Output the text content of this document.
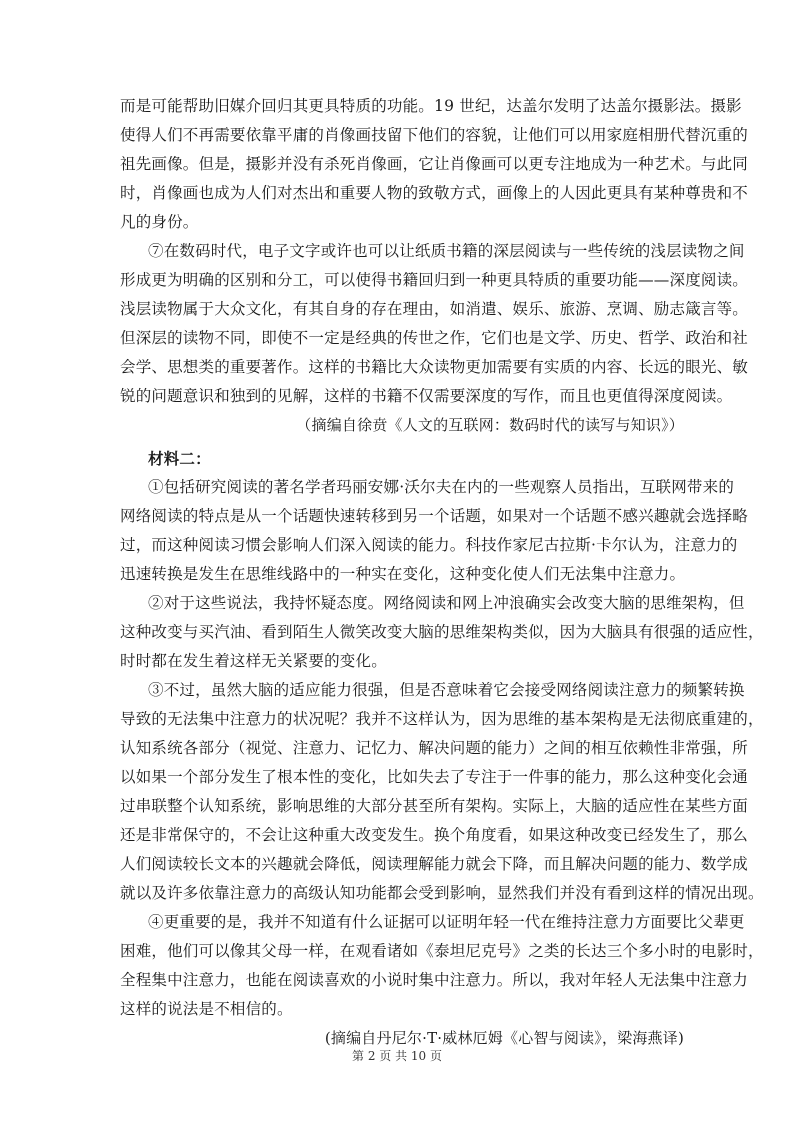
而是可能帮助旧媒介回归其更具特质的功能。19 世纪，达盖尔发明了达盖尔摄影法。摄影
使得人们不再需要依靠平庸的肖像画技留下他们的容貌，让他们可以用家庭相册代替沉重的
祖先画像。但是，摄影并没有杀死肖像画，它让肖像画可以更专注地成为一种艺术。与此同
时，肖像画也成为人们对杰出和重要人物的致敬方式，画像上的人因此更具有某种尊贵和不
凡的身份。
⑦在数码时代，电子文字或许也可以让纸质书籍的深层阅读与一些传统的浅层读物之间
形成更为明确的区别和分工，可以使得书籍回归到一种更具特质的重要功能——深度阅读。
浅层读物属于大众文化，有其自身的存在理由，如消遣、娱乐、旅游、烹调、励志箴言等。
但深层的读物不同，即使不一定是经典的传世之作，它们也是文学、历史、哲学、政治和社
会学、思想类的重要著作。这样的书籍比大众读物更加需要有实质的内容、长远的眼光、敏
锐的问题意识和独到的见解，这样的书籍不仅需要深度的写作，而且也更值得深度阅读。
（摘编自徐贲《人文的互联网：数码时代的读写与知识》）
材料二：
①包括研究阅读的著名学者玛丽安娜·沃尔夫在内的一些观察人员指出，互联网带来的
网络阅读的特点是从一个话题快速转移到另一个话题，如果对一个话题不感兴趣就会选择略
过，而这种阅读习惯会影响人们深入阅读的能力。科技作家尼古拉斯·卡尔认为，注意力的
迅速转换是发生在思维线路中的一种实在变化，这种变化使人们无法集中注意力。
②对于这些说法，我持怀疑态度。网络阅读和网上冲浪确实会改变大脑的思维架构，但
这种改变与买汽油、看到陌生人微笑改变大脑的思维架构类似，因为大脑具有很强的适应性，
时时都在发生着这样无关紧要的变化。
③不过，虽然大脑的适应能力很强，但是否意味着它会接受网络阅读注意力的频繁转换
导致的无法集中注意力的状况呢？我并不这样认为，因为思维的基本架构是无法彻底重建的，
认知系统各部分（视觉、注意力、记忆力、解决问题的能力）之间的相互依赖性非常强，所
以如果一个部分发生了根本性的变化，比如失去了专注于一件事的能力，那么这种变化会通
过串联整个认知系统，影响思维的大部分甚至所有架构。实际上，大脑的适应性在某些方面
还是非常保守的，不会让这种重大改变发生。换个角度看，如果这种改变已经发生了，那么
人们阅读较长文本的兴趣就会降低，阅读理解能力就会下降，而且解决问题的能力、数学成
就以及许多依靠注意力的高级认知功能都会受到影响，显然我们并没有看到这样的情况出现。
④更重要的是，我并不知道有什么证据可以证明年轻一代在维持注意力方面要比父辈更
困难，他们可以像其父母一样，在观看诸如《泰坦尼克号》之类的长达三个多小时的电影时，
全程集中注意力，也能在阅读喜欢的小说时集中注意力。所以，我对年轻人无法集中注意力
这样的说法是不相信的。
(摘编自丹尼尔·T·威林厄姆《心智与阅读》，梁海燕译)
第 2 页 共 10 页
